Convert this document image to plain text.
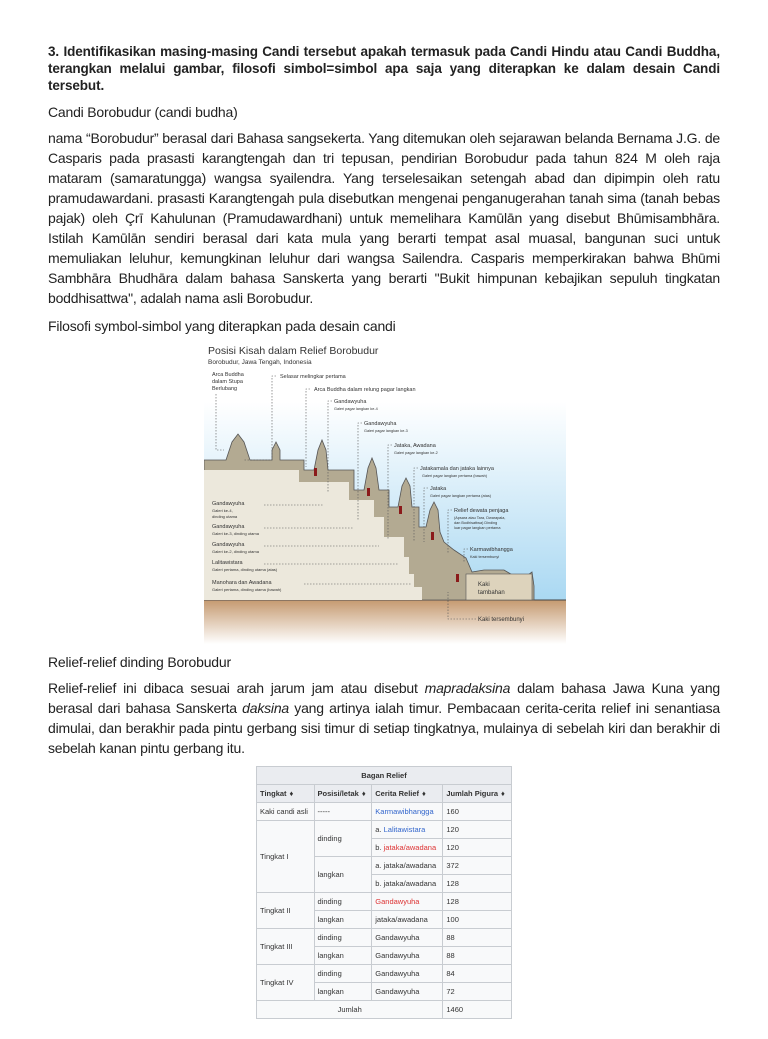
3. Identifikasikan masing-masing Candi tersebut apakah termasuk pada Candi Hindu atau Candi Buddha, terangkan melalui gambar, filosofi simbol=simbol apa saja yang diterapkan ke dalam desain Candi tersebut.
Candi Borobudur (candi budha)
nama “Borobudur” berasal dari Bahasa sangsekerta. Yang ditemukan oleh sejarawan belanda Bernama J.G. de Casparis pada prasasti karangtengah dan tri tepusan, pendirian Borobudur pada tahun 824 M oleh raja mataram (samaratungga) wangsa syailendra. Yang terselesaikan setengah abad dan dipimpin oleh ratu pramudawardani. prasasti Karangtengah pula disebutkan mengenai penganugerahan tanah sima (tanah bebas pajak) oleh Çrī Kahulunan (Pramudawardhani) untuk memelihara Kamūlān yang disebut Bhūmisambhāra. Istilah Kamūlān sendiri berasal dari kata mula yang berarti tempat asal muasal, bangunan suci untuk memuliakan leluhur, kemungkinan leluhur dari wangsa Sailendra. Casparis memperkirakan bahwa Bhūmi Sambhāra Bhudhāra dalam bahasa Sanskerta yang berarti "Bukit himpunan kebajikan sepuluh tingkatan boddhisattwa", adalah nama asli Borobudur.
Filosofi symbol-simbol yang diterapkan pada desain candi
Posisi Kisah dalam Relief Borobudur
Borobudur, Jawa Tengah, Indonesia
Arca Buddha
dalam Stupa
Berlubang
Selasar melingkar pertama
Arca Buddha dalam relung pagar langkan
Gandawyuha
Galeri pagar langkan ke-4
Gandawyuha
Galeri pagar langkan ke-3
Jataka, Awadana
Galeri pagar langkan ke-2
Jatakamala dan jataka lainnya
Galeri pagar langkan pertama (bawah)
Jataka
Galeri pagar langkan pertama (atas)
Relief dewata penjaga
(Apsara atau Tara, Dwarapala,
dan Bodhisattwa) Dinding
luar pagar langkan pertama
Karmawibhangga
Kaki tersembunyi
Kaki
tambahan
Kaki tersembunyi
Gandawyuha
Galeri ke-4,
dinding utama
Gandawyuha
Galeri ke-3, dinding utama
Gandawyuha
Galeri ke-2, dinding utama
Lalitawistara
Galeri pertama, dinding utama (atas)
Manohara dan Awadana
Galeri pertama, dinding utama (bawah)
Relief-relief dinding Borobudur
Relief-relief ini dibaca sesuai arah jarum jam atau disebut mapradaksina dalam bahasa Jawa Kuna yang berasal dari bahasa Sanskerta daksina yang artinya ialah timur. Pembacaan cerita-cerita relief ini senantiasa dimulai, dan berakhir pada pintu gerbang sisi timur di setiap tingkatnya, mulainya di sebelah kiri dan berakhir di sebelah kanan pintu gerbang itu.
Bagan Relief			
Tingkat ♦	Posisi/letak ♦	Cerita Relief ♦	Jumlah Pigura ♦
Kaki candi asli	-----	Karmawibhangga	160
Tingkat I	dinding	a. Lalitawistara	120
		b. jataka/awadana	120
	langkan	a. jataka/awadana	372
		b. jataka/awadana	128
Tingkat II	dinding	Gandawyuha	128
	langkan	jataka/awadana	100
Tingkat III	dinding	Gandawyuha	88
	langkan	Gandawyuha	88
Tingkat IV	dinding	Gandawyuha	84
	langkan	Gandawyuha	72
Jumlah			1460
